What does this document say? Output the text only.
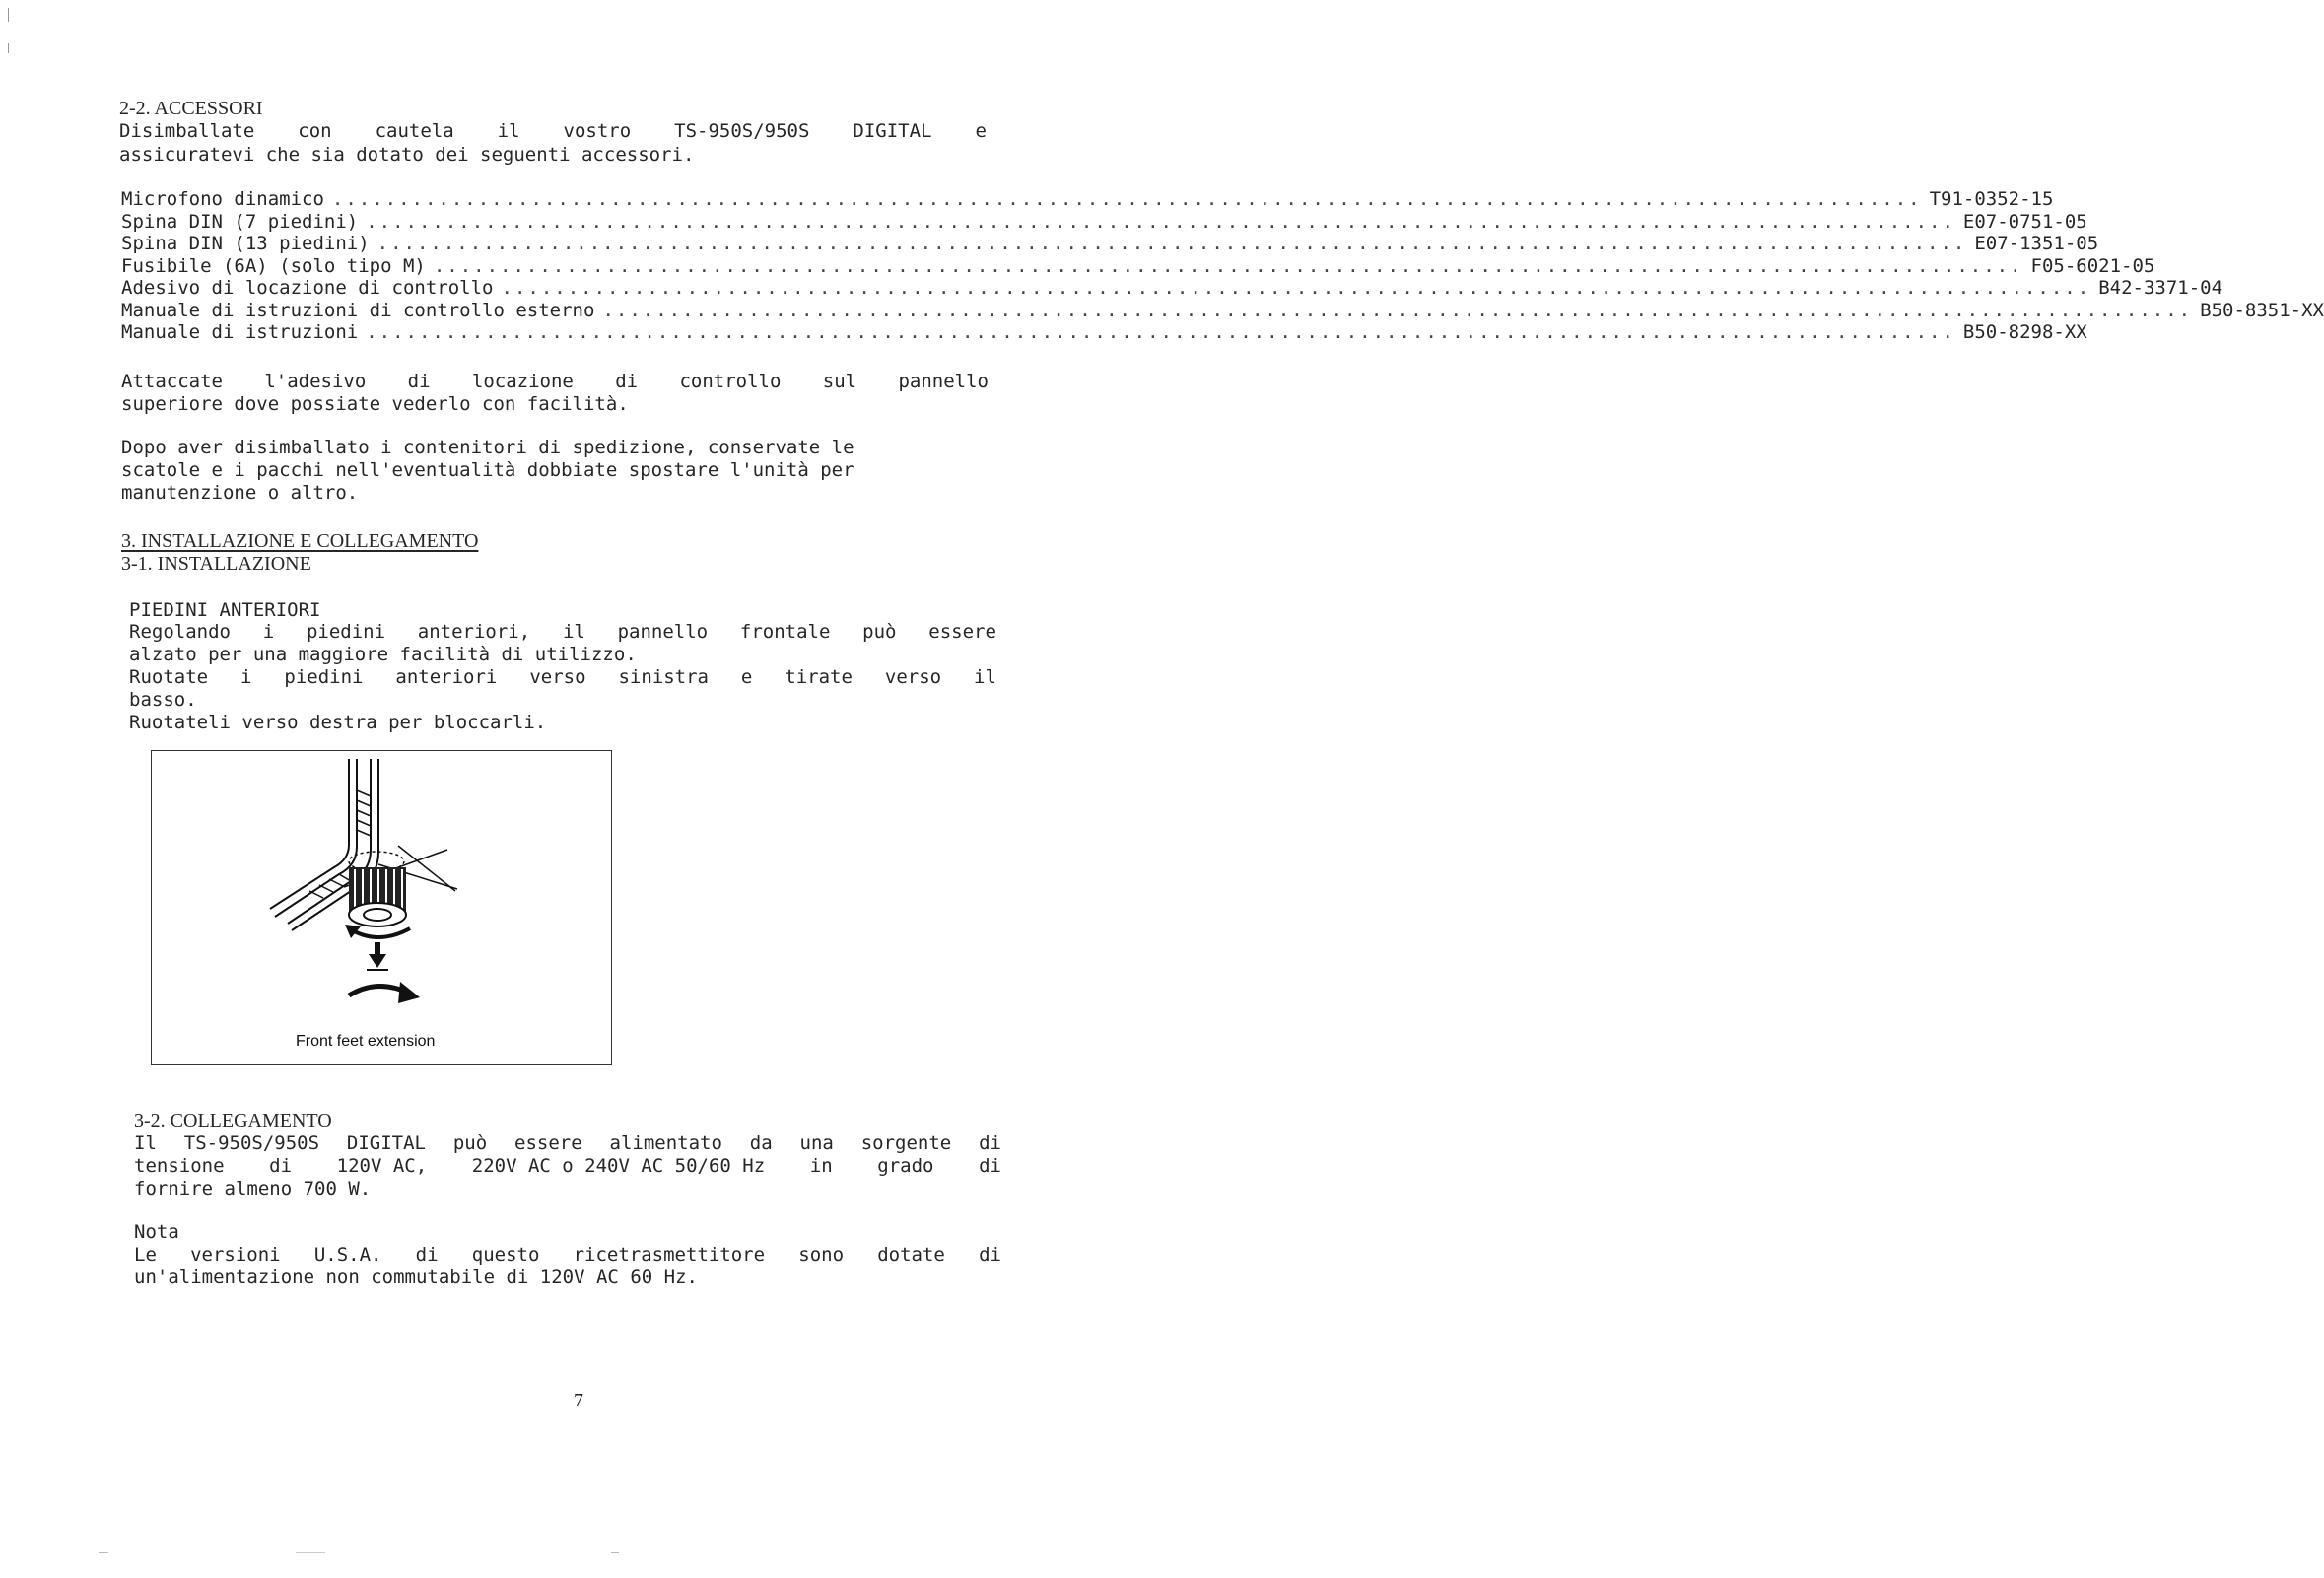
2-2. ACCESSORI
Disimballate con cautela il vostro TS-950S/950S DIGITAL e
assicuratevi che sia dotato dei seguenti accessori.
Microfono dinamico ........................................................................................................................ T91-0352-15
Spina DIN (7 piedini) ........................................................................................................................ E07-0751-05
Spina DIN (13 piedini) ........................................................................................................................ E07-1351-05
Fusibile (6A) (solo tipo M) ........................................................................................................................ F05-6021-05
Adesivo di locazione di controllo ........................................................................................................................ B42-3371-04
Manuale di istruzioni di controllo esterno ........................................................................................................................ B50-8351-XX
Manuale di istruzioni ........................................................................................................................ B50-8298-XX
Attaccate l'adesivo di locazione di controllo sul pannello
superiore dove possiate vederlo con facilità.
Dopo aver disimballato i contenitori di spedizione, conservate le
scatole e i pacchi nell'eventualità dobbiate spostare l'unità per
manutenzione o altro.
3. INSTALLAZIONE E COLLEGAMENTO
3-1. INSTALLAZIONE
PIEDINI ANTERIORI
Regolando i piedini anteriori, il pannello frontale può essere
alzato per una maggiore facilità di utilizzo.
Ruotate i piedini anteriori verso sinistra e tirate verso il
basso.
Ruotateli verso destra per bloccarli.
Front feet extension
3-2. COLLEGAMENTO
Il TS-950S/950S DIGITAL può essere alimentato da una sorgente di
tensione di 120V AC, 220V AC o 240V AC 50/60 Hz in grado di
fornire almeno 700 W.
Nota
Le versioni U.S.A. di questo ricetrasmettitore sono dotate di
un'alimentazione non commutabile di 120V AC 60 Hz.
7
